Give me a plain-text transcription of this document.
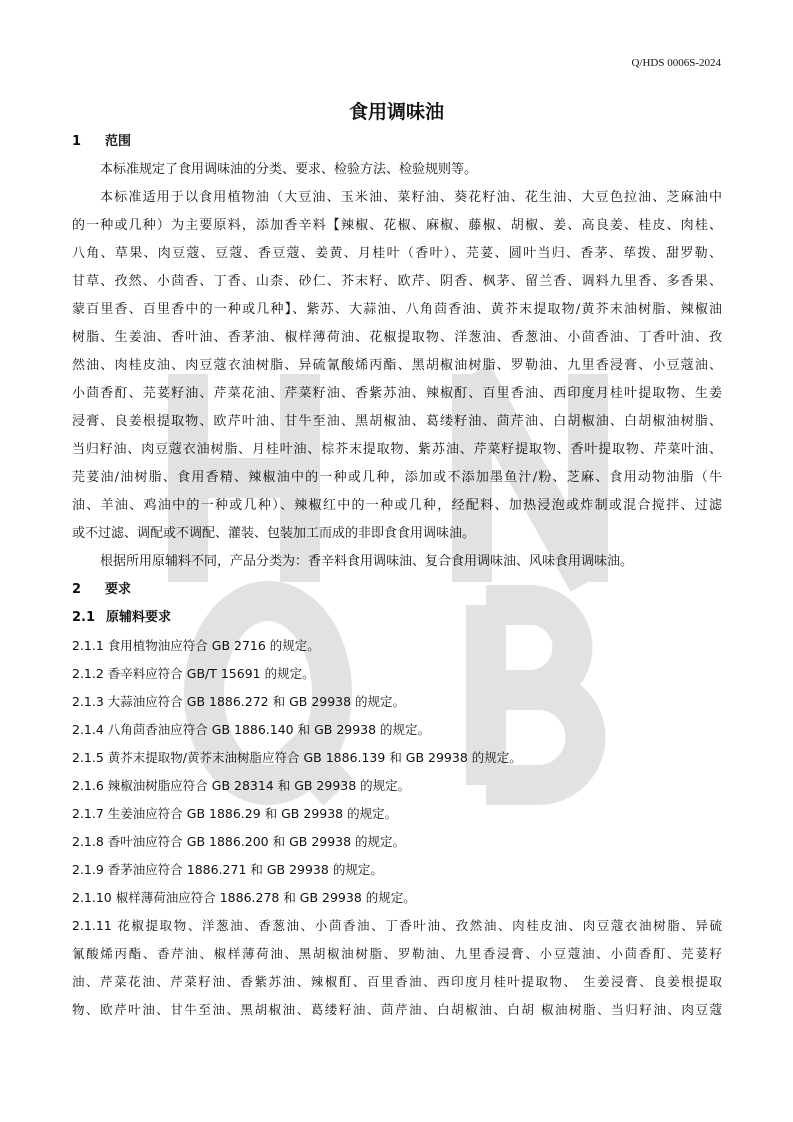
Q/HDS 0006S-2024
食用调味油
1 范围
本标准规定了食用调味油的分类、要求、检验方法、检验规则等。
本标准适用于以食用植物油（大豆油、玉米油、菜籽油、葵花籽油、花生油、大豆色拉油、芝麻油中
的一种或几种）为主要原料，添加香辛料【辣椒、花椒、麻椒、藤椒、胡椒、姜、高良姜、桂皮、肉桂、
八角、草果、肉豆蔻、豆蔻、香豆蔻、姜黄、月桂叶（香叶）、芫荽、圆叶当归、香茅、荜拨、甜罗勒、
甘草、孜然、小茴香、丁香、山柰、砂仁、芥末籽、欧芹、阴香、枫茅、留兰香、调料九里香、多香果、
蒙百里香、百里香中的一种或几种】、紫苏、大蒜油、八角茴香油、黄芥末提取物/黄芥末油树脂、辣椒油
树脂、生姜油、香叶油、香茅油、椒样薄荷油、花椒提取物、洋葱油、香葱油、小茴香油、丁香叶油、孜
然油、肉桂皮油、肉豆蔻衣油树脂、异硫氰酸烯丙酯、黑胡椒油树脂、罗勒油、九里香浸膏、小豆蔻油、
小茴香酊、芫荽籽油、芹菜花油、芹菜籽油、香紫苏油、辣椒酊、百里香油、西印度月桂叶提取物、生姜
浸膏、良姜根提取物、欧芹叶油、甘牛至油、黑胡椒油、葛缕籽油、茴芹油、白胡椒油、白胡椒油树脂、
当归籽油、肉豆蔻衣油树脂、月桂叶油、棕芥末提取物、紫苏油、芹菜籽提取物、香叶提取物、芹菜叶油、
芫荽油/油树脂、食用香精、辣椒油中的一种或几种，添加或不添加墨鱼汁/粉、芝麻、食用动物油脂（牛
油、羊油、鸡油中的一种或几种）、辣椒红中的一种或几种，经配料、加热浸泡或炸制或混合搅拌、过滤
或不过滤、调配或不调配、灌装、包装加工而成的非即食食用调味油。
根据所用原辅料不同，产品分类为：香辛料食用调味油、复合食用调味油、风味食用调味油。
2 要求
2.1 原辅料要求
2.1.1 食用植物油应符合 GB 2716 的规定。
2.1.2 香辛料应符合 GB/T 15691 的规定。
2.1.3 大蒜油应符合 GB 1886.272 和 GB 29938 的规定。
2.1.4 八角茴香油应符合 GB 1886.140 和 GB 29938 的规定。
2.1.5 黄芥末提取物/黄芥末油树脂应符合 GB 1886.139 和 GB 29938 的规定。
2.1.6 辣椒油树脂应符合 GB 28314 和 GB 29938 的规定。
2.1.7 生姜油应符合 GB 1886.29 和 GB 29938 的规定。
2.1.8 香叶油应符合 GB 1886.200 和 GB 29938 的规定。
2.1.9 香茅油应符合 1886.271 和 GB 29938 的规定。
2.1.10 椒样薄荷油应符合 1886.278 和 GB 29938 的规定。
2.1.11 花椒提取物、洋葱油、香葱油、小茴香油、丁香叶油、孜然油、肉桂皮油、肉豆蔻衣油树脂、异硫
氰酸烯丙酯、香芹油、椒样薄荷油、黑胡椒油树脂、罗勒油、九里香浸膏、小豆蔻油、小茴香酊、芫荽籽
油、芹菜花油、芹菜籽油、香紫苏油、辣椒酊、百里香油、西印度月桂叶提取物、 生姜浸膏、良姜根提取
物、欧芹叶油、甘牛至油、黑胡椒油、葛缕籽油、茴芹油、白胡椒油、白胡 椒油树脂、当归籽油、肉豆蔻
